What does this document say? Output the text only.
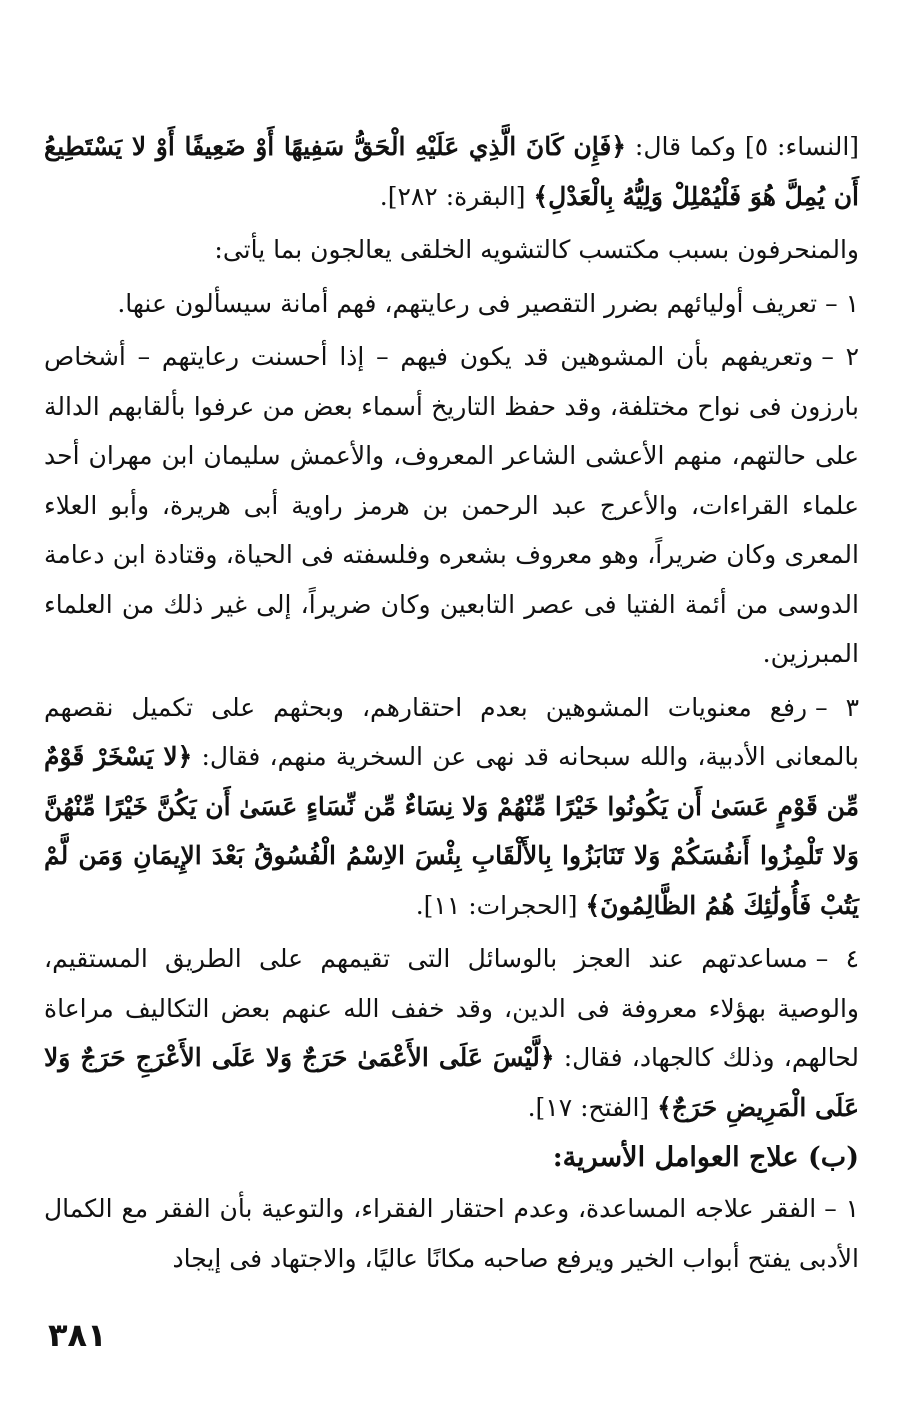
[النساء: ٥] وكما قال: ﴿فَإِن كَانَ الَّذِي عَلَيْهِ الْحَقُّ سَفِيهًا أَوْ ضَعِيفًا أَوْ لا يَسْتَطِيعُ أَن يُمِلَّ هُوَ فَلْيُمْلِلْ وَلِيُّهُ بِالْعَدْلِ﴾ [البقرة: ٢٨٢].

والمنحرفون بسبب مكتسب كالتشويه الخلقى يعالجون بما يأتى:

١ –تعريف أوليائهم بضرر التقصير فى رعايتهم، فهم أمانة سيسألون عنها.

٢ –وتعريفهم بأن المشوهين قد يكون فيهم – إذا أحسنت رعايتهم – أشخاص بارزون فى نواح مختلفة، وقد حفظ التاريخ أسماء بعض من عرفوا بألقابهم الدالة على حالتهم، منهم الأعشى الشاعر المعروف، والأعمش سليمان ابن مهران أحد علماء القراءات، والأعرج عبد الرحمن بن هرمز راوية أبى هريرة، وأبو العلاء المعرى وكان ضريراً، وهو معروف بشعره وفلسفته فى الحياة، وقتادة ابن دعامة الدوسى من أئمة الفتيا فى عصر التابعين وكان ضريراً، إلى غير ذلك من العلماء المبرزين.

٣ –رفع معنويات المشوهين بعدم احتقارهم، وبحثهم على تكميل نقصهم بالمعانى الأدبية، والله سبحانه قد نهى عن السخرية منهم، فقال: ﴿لا يَسْخَرْ قَوْمٌ مِّن قَوْمٍ عَسَىٰ أَن يَكُونُوا خَيْرًا مِّنْهُمْ وَلا نِسَاءٌ مِّن نِّسَاءٍ عَسَىٰ أَن يَكُنَّ خَيْرًا مِّنْهُنَّ وَلا تَلْمِزُوا أَنفُسَكُمْ وَلا تَنَابَزُوا بِالأَلْقَابِ بِئْسَ الاِسْمُ الْفُسُوقُ بَعْدَ الإِيمَانِ وَمَن لَّمْ يَتُبْ فَأُولَٰئِكَ هُمُ الظَّالِمُونَ﴾ [الحجرات: ١١].

٤ –مساعدتهم عند العجز بالوسائل التى تقيمهم على الطريق المستقيم، والوصية بهؤلاء معروفة فى الدين، وقد خفف الله عنهم بعض التكاليف مراعاة لحالهم، وذلك كالجهاد، فقال: ﴿لَّيْسَ عَلَى الأَعْمَىٰ حَرَجٌ وَلا عَلَى الأَعْرَجِ حَرَجٌ وَلا عَلَى الْمَرِيضِ حَرَجٌ﴾ [الفتح: ١٧].

(ب) علاج العوامل الأسرية:

١ –الفقر علاجه المساعدة، وعدم احتقار الفقراء، والتوعية بأن الفقر مع الكمال الأدبى يفتح أبواب الخير ويرفع صاحبه مكانًا عاليًا، والاجتهاد فى إيجاد

٣٨١
